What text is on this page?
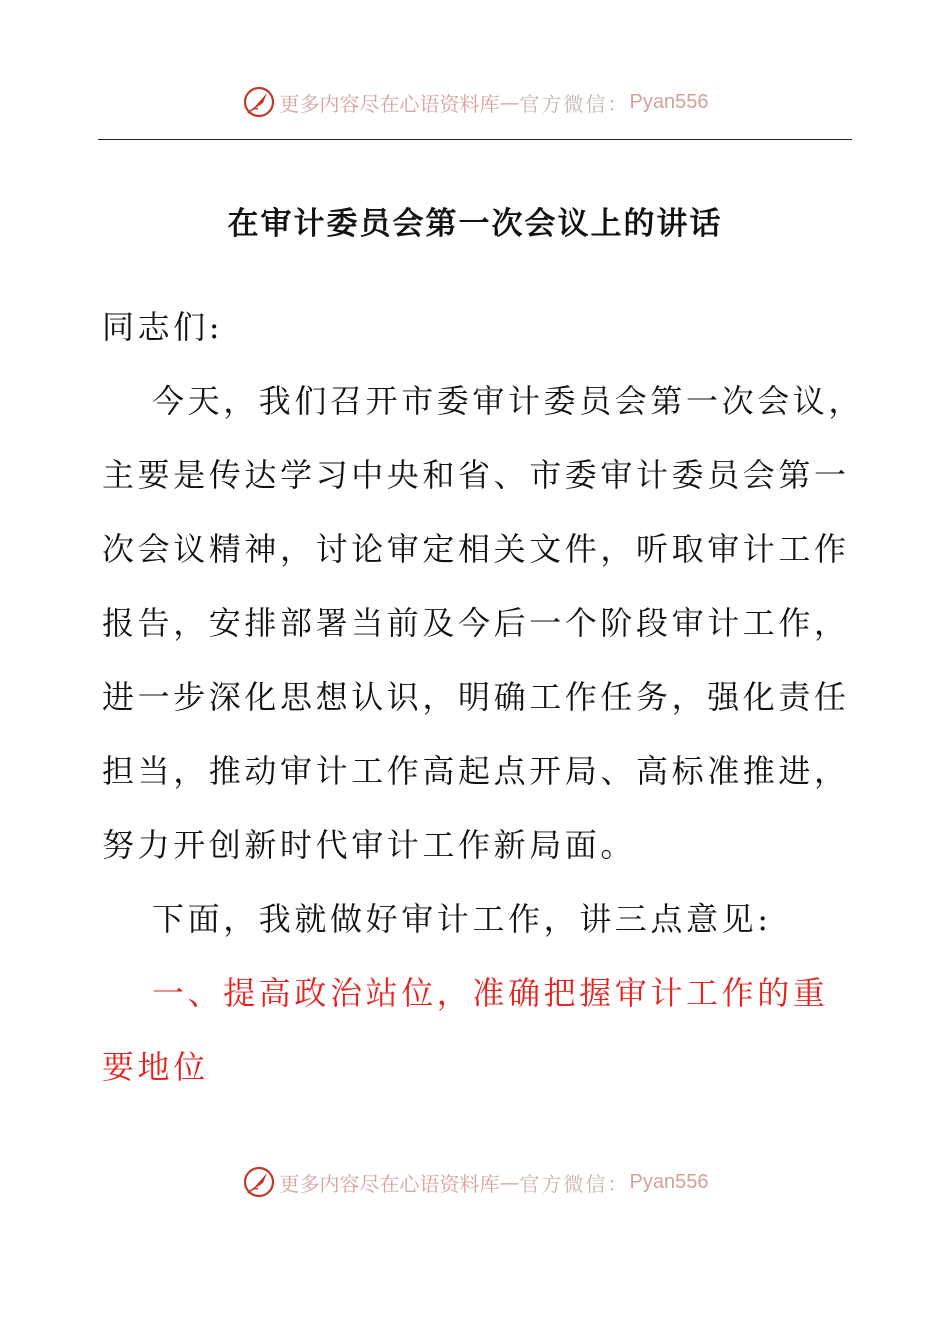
更多内容尽在心语资料库 — 官方微信： Pyan556
在审计委员会第一次会议上的讲话
同志们:
今天，我们召开市委审计委员会第一次会议，
主要是传达学习中央和省、市委审计委员会第一
次会议精神，讨论审定相关文件，听取审计工作
报告，安排部署当前及今后一个阶段审计工作，
进一步深化思想认识，明确工作任务，强化责任
担当，推动审计工作高起点开局、高标准推进，
努力开创新时代审计工作新局面。
下面，我就做好审计工作，讲三点意见:
一、提高政治站位，准确把握审计工作的重
要地位
更多内容尽在心语资料库 — 官方微信： Pyan556
